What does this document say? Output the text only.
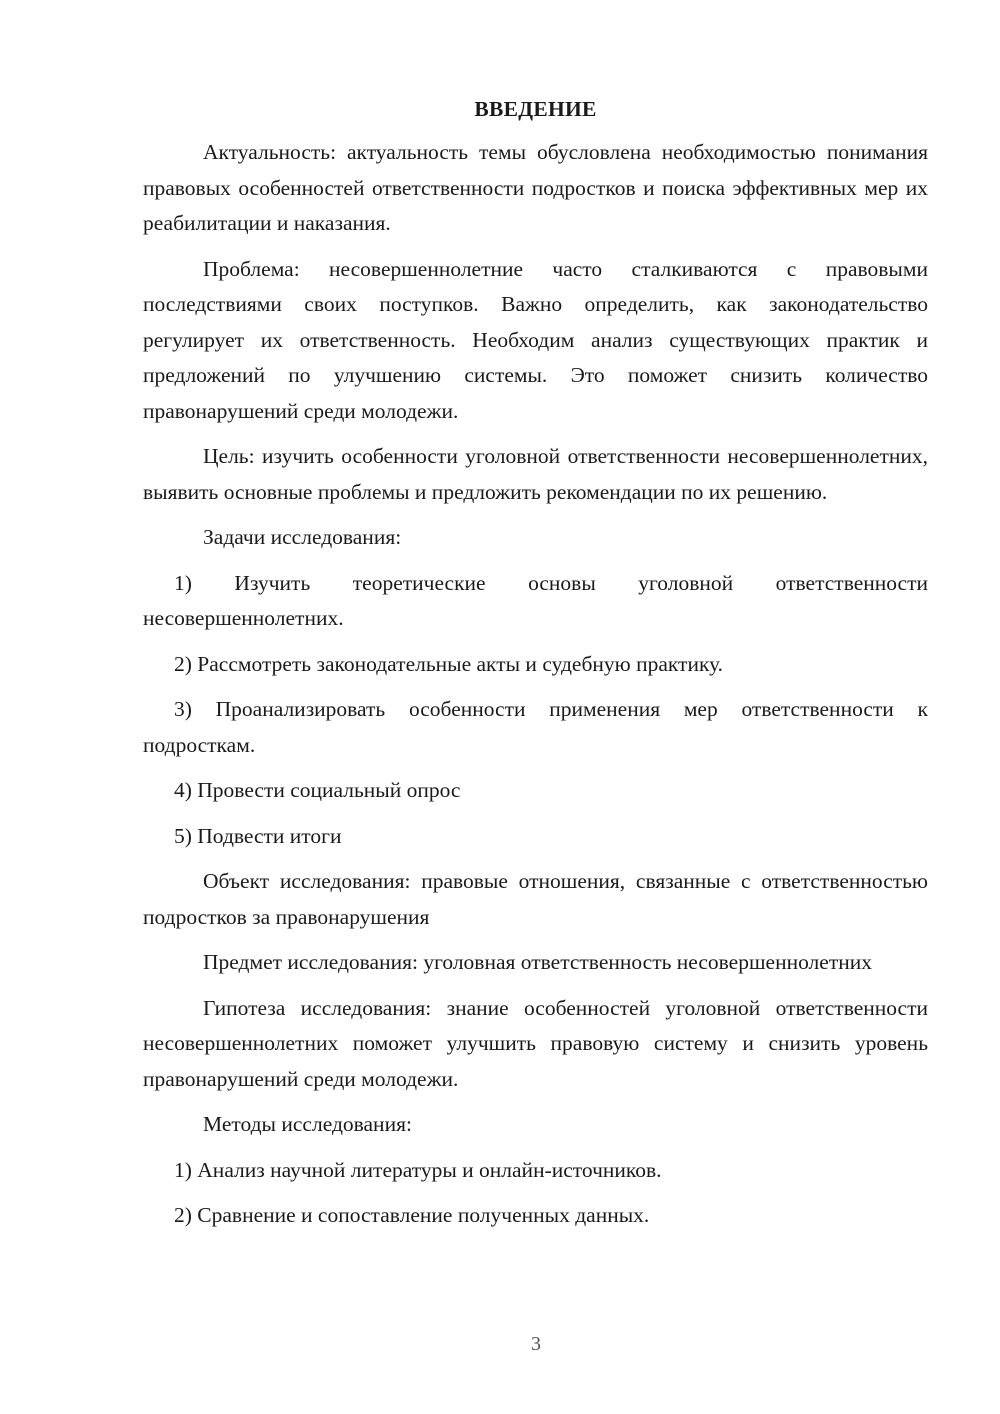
ВВЕДЕНИЕ

Актуальность: актуальность темы обусловлена необходимостью понимания правовых особенностей ответственности подростков и поиска эффективных мер их реабилитации и наказания.

Проблема: несовершеннолетние часто сталкиваются с правовыми последствиями своих поступков. Важно определить, как законодательство регулирует их ответственность. Необходим анализ существующих практик и предложений по улучшению системы. Это поможет снизить количество правонарушений среди молодежи.

Цель: изучить особенности уголовной ответственности несовершеннолетних, выявить основные проблемы и предложить рекомендации по их решению.

Задачи исследования:

1) Изучить теоретические основы уголовной ответственности несовершеннолетних.

2) Рассмотреть законодательные акты и судебную практику.

3) Проанализировать особенности применения мер ответственности к подросткам.

4) Провести социальный опрос

5) Подвести итоги

Объект исследования: правовые отношения, связанные с ответственностью подростков за правонарушения

Предмет исследования: уголовная ответственность несовершеннолетних

Гипотеза исследования: знание особенностей уголовной ответственности несовершеннолетних поможет улучшить правовую систему и снизить уровень правонарушений среди молодежи.

Методы исследования:

1) Анализ научной литературы и онлайн-источников.

2) Сравнение и сопоставление полученных данных.

3
